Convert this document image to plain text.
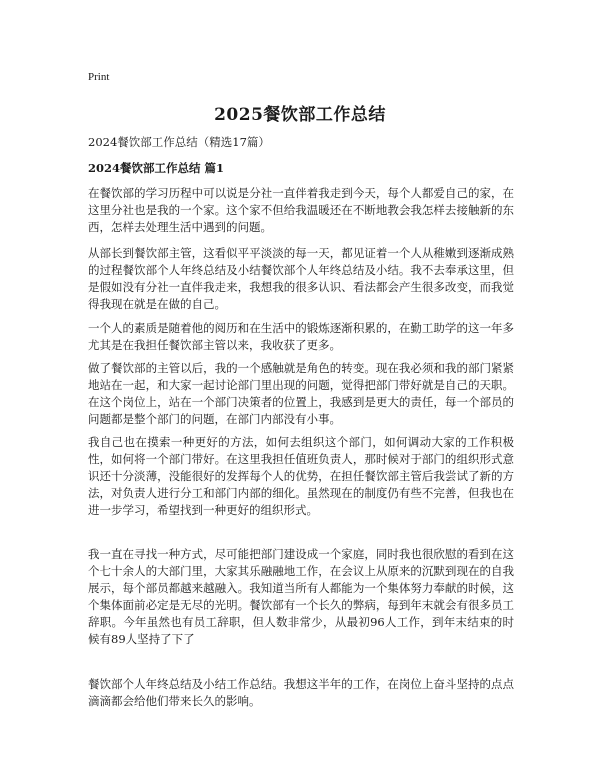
Print
2025餐饮部工作总结
2024餐饮部工作总结（精选17篇）
2024餐饮部工作总结 篇1

在餐饮部的学习历程中可以说是分社一直伴着我走到今天，每个人都爱自己的家，在这里分社也是我的一个家。这个家不但给我温暖还在不断地教会我怎样去接触新的东西，怎样去处理生活中遇到的问题。

从部长到餐饮部主管，这看似平平淡淡的每一天，都见证着一个人从稚嫩到逐渐成熟的过程餐饮部个人年终总结及小结餐饮部个人年终总结及小结。我不去奉承这里，但是假如没有分社一直伴我走来，我想我的很多认识、看法都会产生很多改变，而我觉得我现在就是在做的自己。

一个人的素质是随着他的阅历和在生活中的锻炼逐渐积累的，在勤工助学的这一年多尤其是在我担任餐饮部主管以来，我收获了更多。

做了餐饮部的主管以后，我的一个感触就是角色的转变。现在我必须和我的部门紧紧地站在一起，和大家一起讨论部门里出现的问题，觉得把部门带好就是自己的天职。在这个岗位上，站在一个部门决策者的位置上，我感到是更大的责任，每一个部员的问题都是整个部门的问题，在部门内部没有小事。

我自己也在摸索一种更好的方法，如何去组织这个部门，如何调动大家的工作积极性，如何将一个部门带好。在这里我担任值班负责人，那时候对于部门的组织形式意识还十分淡薄，没能很好的发挥每个人的优势，在担任餐饮部主管后我尝试了新的方法，对负责人进行分工和部门内部的细化。虽然现在的制度仍有些不完善，但我也在进一步学习，希望找到一种更好的组织形式。

我一直在寻找一种方式，尽可能把部门建设成一个家庭，同时我也很欣慰的看到在这个七十余人的大部门里，大家其乐融融地工作，在会议上从原来的沉默到现在的自我展示，每个部员都越来越融入。我知道当所有人都能为一个集体努力奉献的时候，这个集体面前必定是无尽的光明。餐饮部有一个长久的弊病，每到年末就会有很多员工辞职。今年虽然也有员工辞职，但人数非常少，从最初96人工作，到年末结束的时候有89人坚持了下了

餐饮部个人年终总结及小结工作总结。我想这半年的工作，在岗位上奋斗坚持的点点滴滴都会给他们带来长久的影响。
